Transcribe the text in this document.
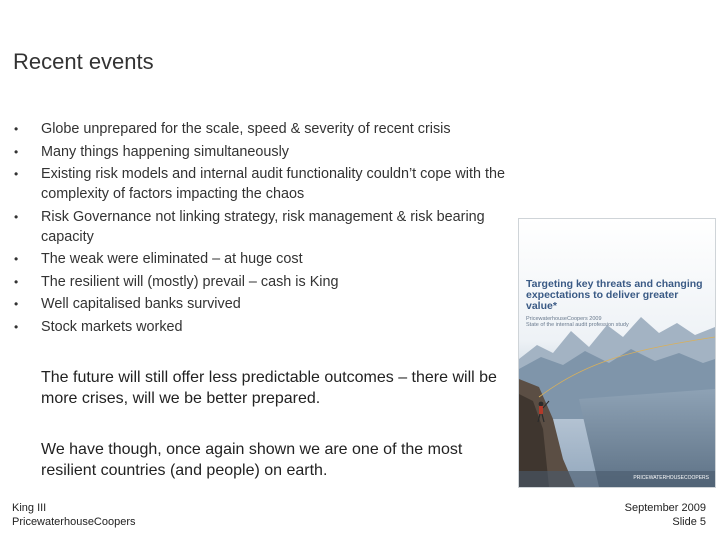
Recent events
• Globe unprepared for the scale, speed & severity of recent crisis
• Many things happening simultaneously
• Existing risk models and internal audit functionality couldn’t cope with the complexity of factors impacting the chaos
• Risk Governance not linking strategy, risk management & risk bearing capacity
• The weak were eliminated – at huge cost
• The resilient will (mostly) prevail – cash is King
• Well capitalised banks survived
• Stock markets worked
The future will still offer less predictable outcomes – there will be more crises, will we be better prepared.
We have though, once again shown we are one of the most resilient countries (and people) on earth.
Targeting key threats and changing expectations to deliver greater value*
PricewaterhouseCoopers 2009
State of the internal audit profession study
PRICEWATERHOUSECOOPERS
King III
PricewaterhouseCoopers
September 2009
Slide 5
